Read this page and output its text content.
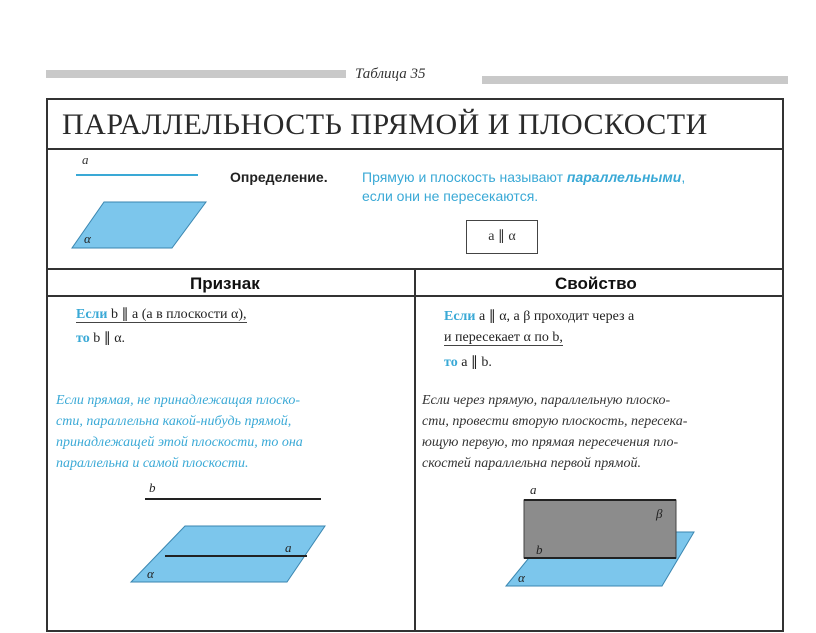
Таблица 35
ПАРАЛЛЕЛЬНОСТЬ ПРЯМОЙ И ПЛОСКОСТИ
a
α
Определение. Прямую и плоскость называют параллельными,
если они не пересекаются.
a ∥ α
Признак	Свойство
Если b ∥ a (a в плоскости α),
то b ∥ α.
Если прямая, не принадлежащая плоско-
сти, параллельна какой-нибудь прямой,
принадлежащей этой плоскости, то она
параллельна и самой плоскости.
b
a
α
Если a ∥ α, а β проходит через a
и пересекает α по b,
то a ∥ b.
Если через прямую, параллельную плоско-
сти, провести вторую плоскость, пересека-
ющую первую, то прямая пересечения пло-
скостей параллельна первой прямой.
a
β
b
α
